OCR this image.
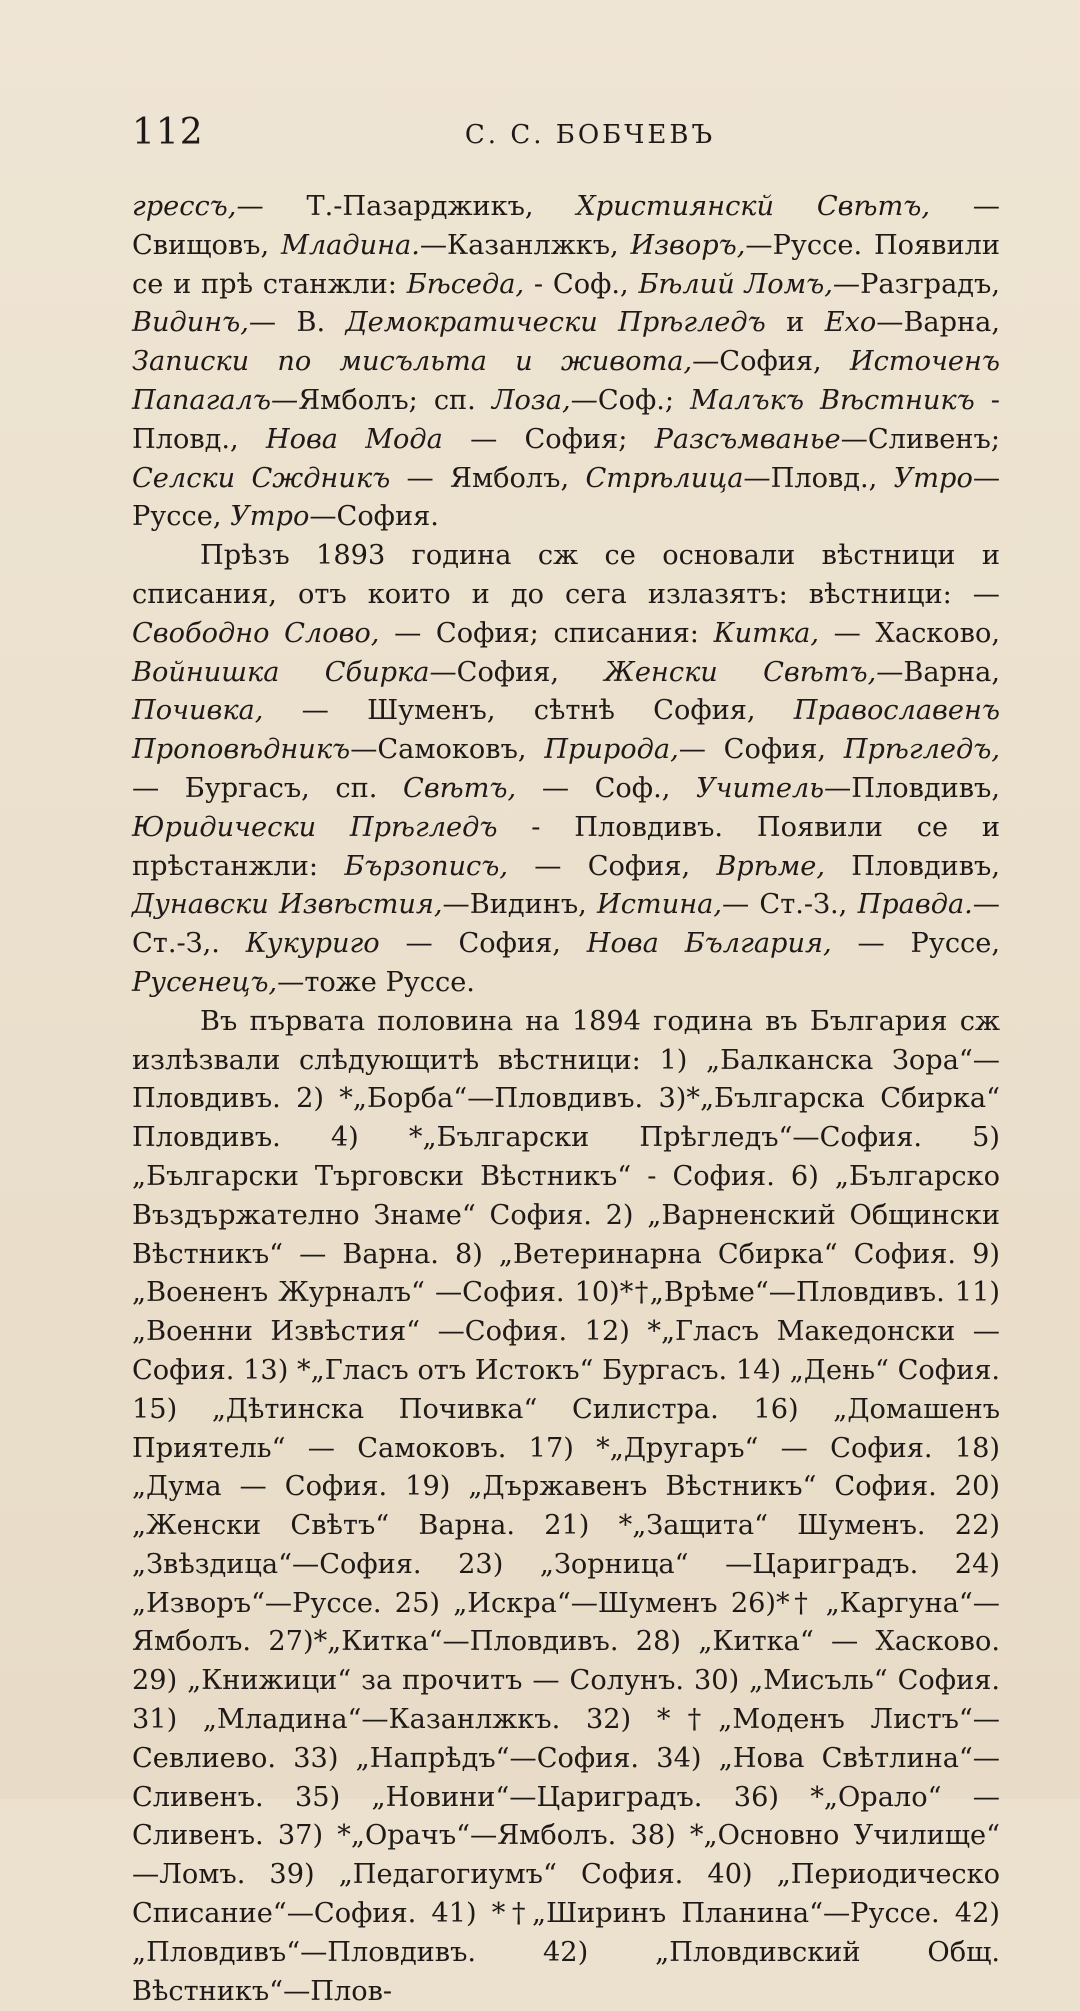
112	С. С. БОБЧЕВЪ

грессъ,— Т.-Пазарджикъ, Християнскй Свѣтъ, — Свищовъ, Младина.—Казанлжкъ, Изворъ,—Руссе. Появили се и прѣ станжли: Бѣседа, - Соф., Бѣлий Ломъ,—Разградъ, Видинъ,— В. Демократически Прѣгледъ и Ехо—Варна, Записки по мисъльта и живота,—София, Источенъ Папагалъ—Ямболъ; сп. Лоза,—Соф.; Малъкъ Вѣстникъ - Пловд., Нова Мода — София; Разсъмванье—Сливенъ; Селски Сждникъ — Ямболъ, Стрѣлица—Пловд., Утро—Руссе, Утро—София.

Прѣзъ 1893 година сж се основали вѣстници и списания, отъ които и до сега излазятъ: вѣстници: — Свободно Слово, — София; списания: Китка, — Хасково, Войнишка Сбирка—София, Женски Свѣтъ,—Варна, Почивка, — Шуменъ, сѣтнѣ София, Православенъ Проповѣдникъ—Самоковъ, Природа,— София, Прѣгледъ, — Бургасъ, сп. Свѣтъ, — Соф., Учитель—Пловдивъ, Юридически Прѣгледъ - Пловдивъ. Появили се и прѣстанжли: Бързописъ, — София, Врѣме, Пловдивъ, Дунавски Извѣстия,—Видинъ, Истина,— Ст.-З., Правда.—Ст.-З,. Кукуриго — София, Нова България, — Руссе, Русенецъ,—тоже Руссе.

Въ първата половина на 1894 година въ България сж излѣзвали слѣдующитѣ вѣстници: 1) „Балканска Зора“—Пловдивъ. 2) *„Борба“—Пловдивъ. 3)*„Българска Сбирка“ Пловдивъ. 4) *„Български Прѣгледъ“—София. 5) „Български Търговски Вѣстникъ“ - София. 6) „Българско Въздържателно Знаме“ София. 2) „Варненский Общински Вѣстникъ“ — Варна. 8) „Ветеринарна Сбирка“ София. 9) „Воененъ Журналъ“ —София. 10)*†„Врѣме“—Пловдивъ. 11) „Военни Извѣстия“ —София. 12) *„Гласъ Македонски —София. 13) *„Гласъ отъ Истокъ“ Бургасъ. 14) „День“ София. 15) „Дѣтинска Почивка“ Силистра. 16) „Домашенъ Приятель“ — Самоковъ. 17) *„Другаръ“ — София. 18) „Дума — София. 19) „Държавенъ Вѣстникъ“ София. 20) „Женски Свѣтъ“ Варна. 21) *„Защита“ Шуменъ. 22) „Звѣздица“—София. 23) „Зорница“ —Цариградъ. 24) „Изворъ“—Руссе. 25) „Искра“—Шуменъ 26)*† „Каргуна“—Ямболъ. 27)*„Китка“—Пловдивъ. 28) „Китка“ — Хасково. 29) „Книжици“ за прочитъ — Солунъ. 30) „Мисъль“ София. 31) „Младина“—Казанлжкъ. 32) *†„Моденъ Листъ“—Севлиево. 33) „Напрѣдъ“—София. 34) „Нова Свѣтлина“—Сливенъ. 35) „Новини“—Цариградъ. 36) *„Орало“ —Сливенъ. 37) *„Орачъ“—Ямболъ. 38) *„Основно Училище“ —Ломъ. 39) „Педагогиумъ“ София. 40) „Периодическо Списание“—София. 41) *†„Ширинъ Планина“—Руссе. 42) „Пловдивъ“—Пловдивъ. 42) „Пловдивский Общ. Вѣстникъ“—Плов-
